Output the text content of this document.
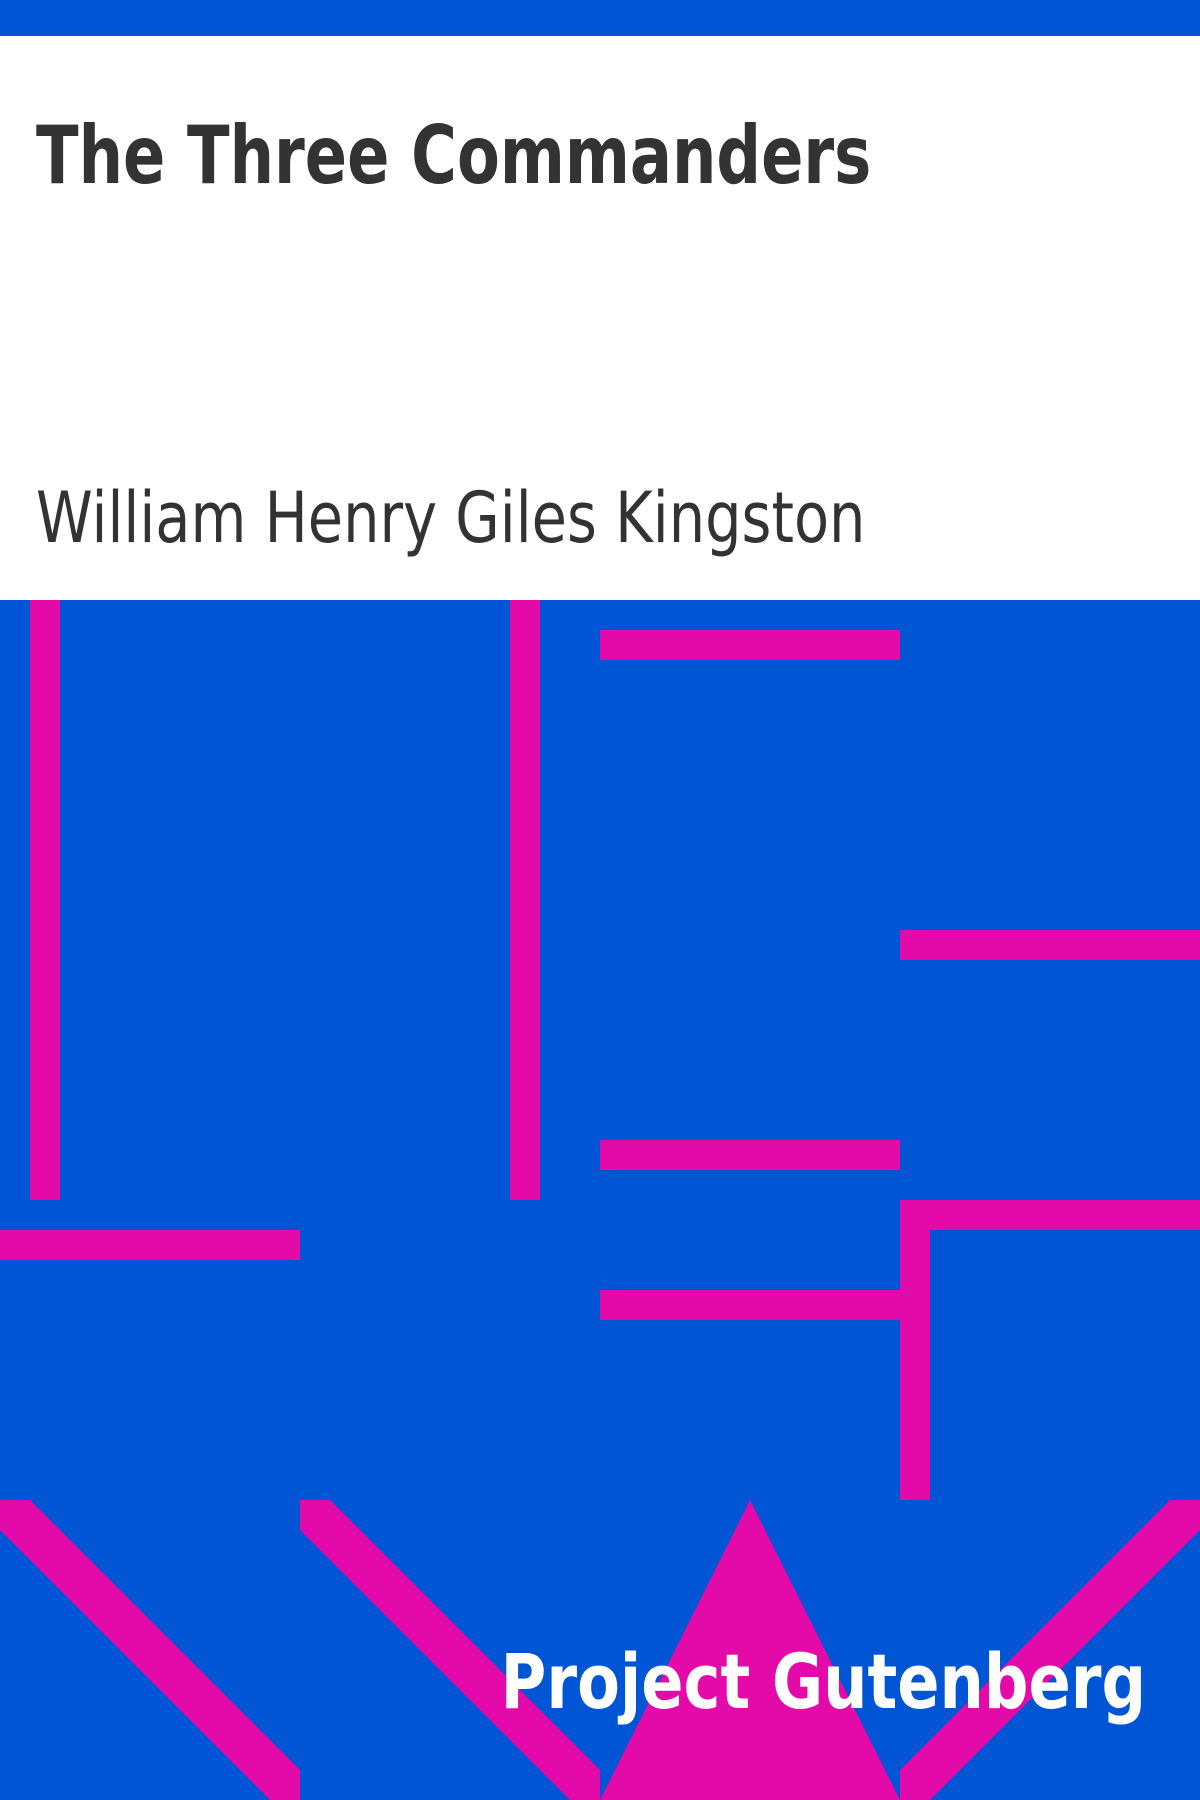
The Three Commanders

William Henry Giles Kingston

Project Gutenberg
